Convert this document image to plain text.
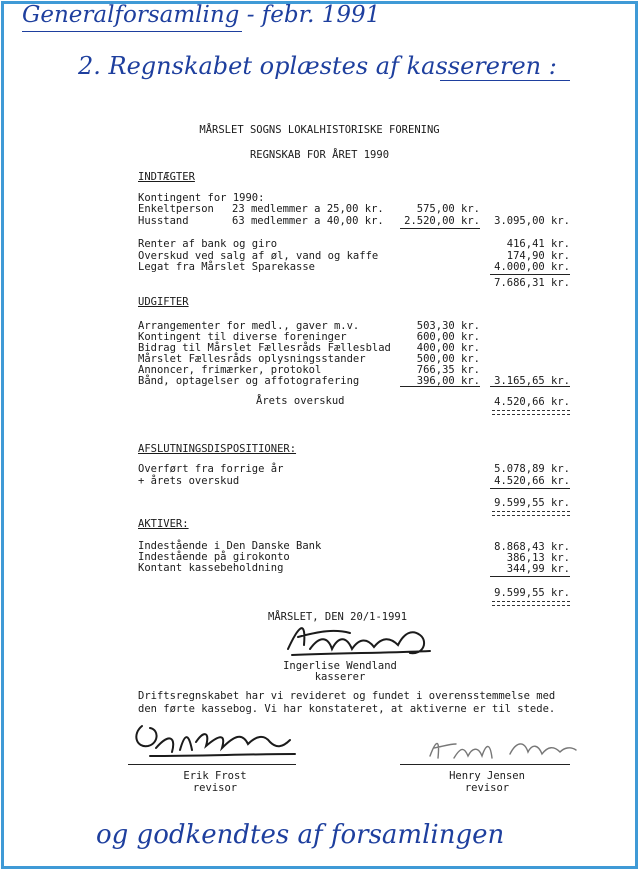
Generalforsamling - febr. 1991
2. Regnskabet oplæstes af kassereren :
MÅRSLET SOGNS LOKALHISTORISKE FORENING
REGNSKAB FOR ÅRET 1990
INDTÆGTER
Kontingent for 1990:
Enkeltperson 23 medlemmer a 25,00 kr.	575,00 kr.
Husstand	63 medlemmer a 40,00 kr.	2.520,00 kr.	3.095,00 kr.
Renter af bank og giro	416,41 kr.
Overskud ved salg af øl, vand og kaffe	174,90 kr.
Legat fra Mårslet Sparekasse	4.000,00 kr.
7.686,31 kr.
UDGIFTER
Arrangementer for medl., gaver m.v.	503,30 kr.
Kontingent til diverse foreninger	600,00 kr.
Bidrag til Mårslet Fællesråds Fællesblad	400,00 kr.
Mårslet Fællesråds oplysningsstander	500,00 kr.
Annoncer, frimærker, protokol	766,35 kr.
Bånd, optagelser og affotografering	396,00 kr.	3.165,65 kr.
Årets overskud	4.520,66 kr.
AFSLUTNINGSDISPOSITIONER:
Overført fra forrige år	5.078,89 kr.
+ årets overskud	4.520,66 kr.
9.599,55 kr.
AKTIVER:
Indestående i Den Danske Bank	8.868,43 kr.
Indestående på girokonto	386,13 kr.
Kontant kassebeholdning	344,99 kr.
9.599,55 kr.
MÅRSLET, DEN 20/1-1991
Ingerlise Wendland
kasserer
Driftsregnskabet har vi revideret og fundet i overensstemmelse med
den førte kassebog. Vi har konstateret, at aktiverne er til stede.
Erik Frost
revisor
Henry Jensen
revisor
og godkendtes af forsamlingen
